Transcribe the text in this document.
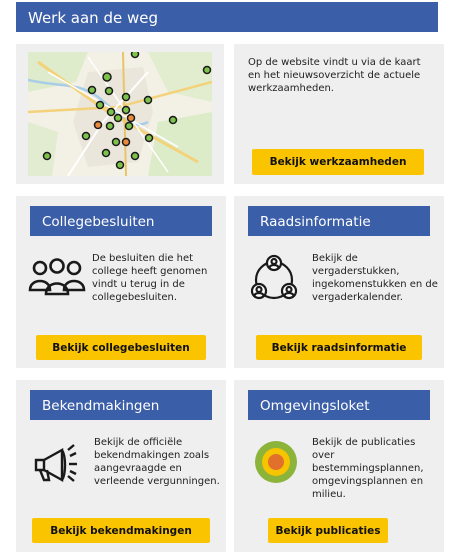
Werk aan de weg
Op de website vindt u via de kaart en het nieuwsoverzicht de actuele werkzaamheden.
Bekijk werkzaamheden
Collegebesluiten
De besluiten die het college heeft genomen vindt u terug in de collegebesluiten.
Bekijk collegebesluiten
Raadsinformatie
Bekijk de vergaderstukken, ingekomenstukken en de vergaderkalender.
Bekijk raadsinformatie
Bekendmakingen
Bekijk de officiële bekendmakingen zoals aangevraagde en verleende vergunningen.
Bekijk bekendmakingen
Omgevingsloket
Bekijk de publicaties over bestemmingsplannen, omgevingsplannen en milieu.
Bekijk publicaties
